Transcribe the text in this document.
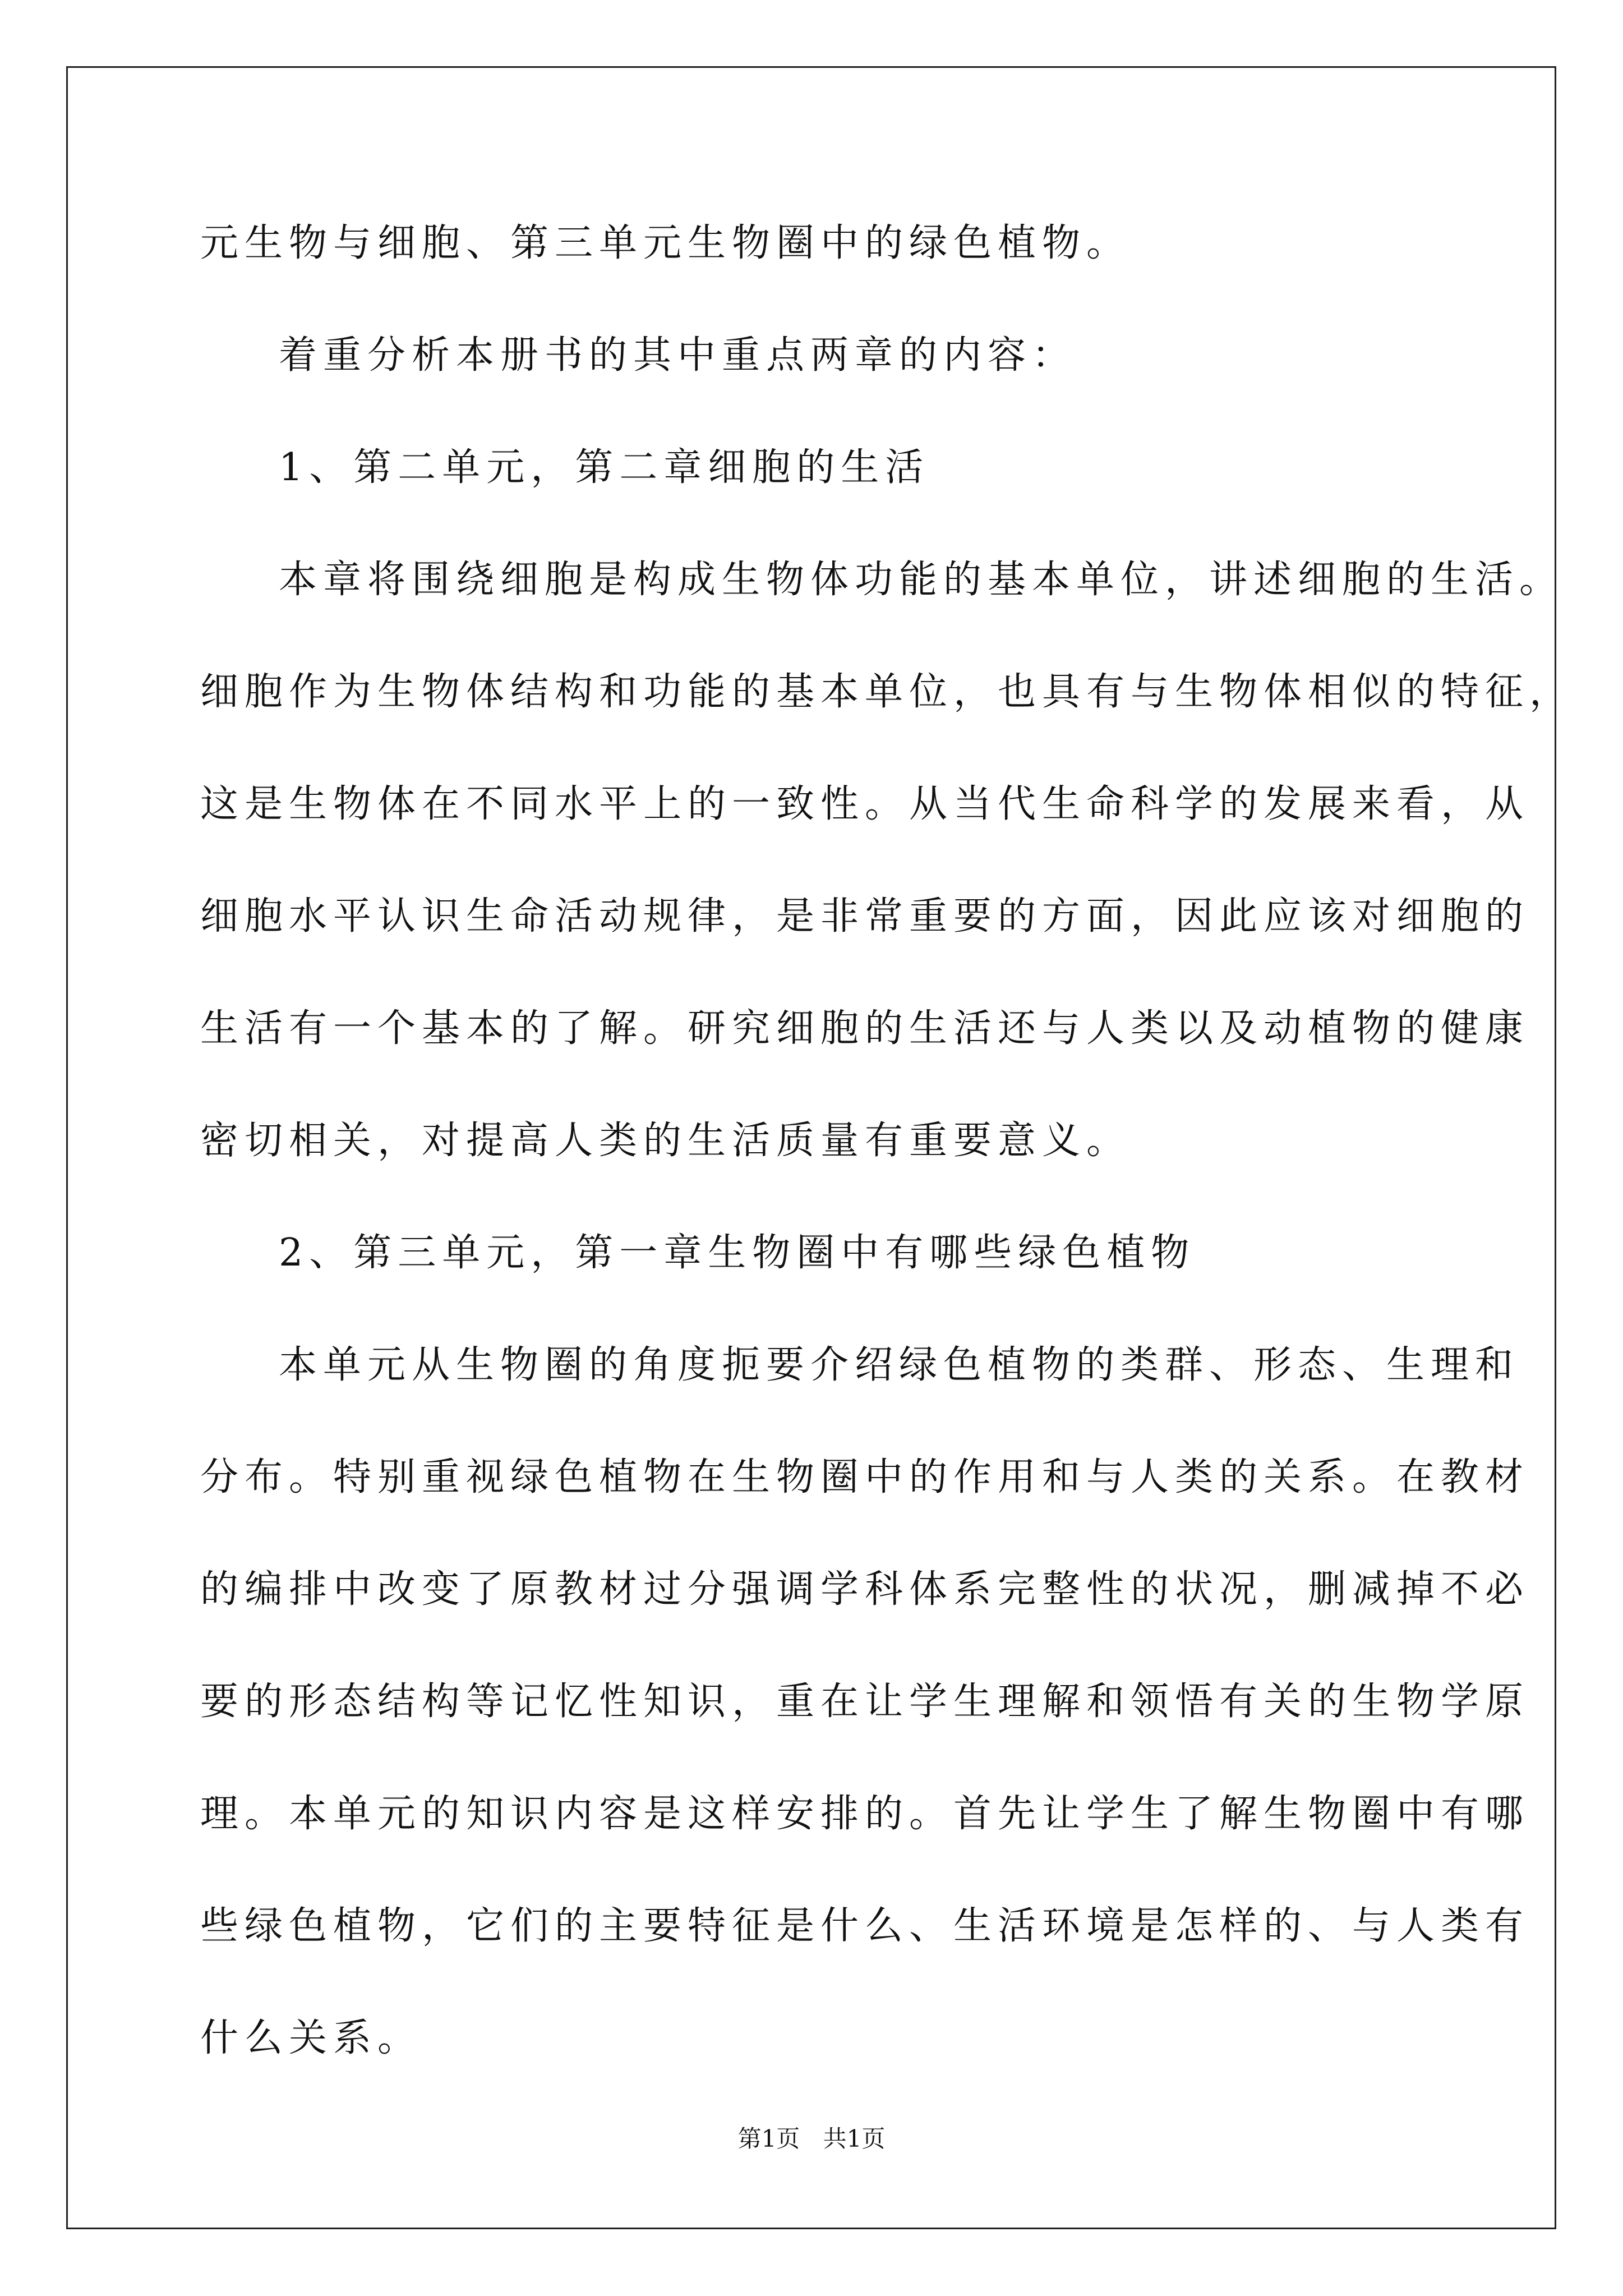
元生物与细胞、第三单元生物圈中的绿色植物。
着重分析本册书的其中重点两章的内容：
1、第二单元，第二章细胞的生活
本章将围绕细胞是构成生物体功能的基本单位，讲述细胞的生活。
细胞作为生物体结构和功能的基本单位，也具有与生物体相似的特征，
这是生物体在不同水平上的一致性。从当代生命科学的发展来看，从
细胞水平认识生命活动规律，是非常重要的方面，因此应该对细胞的
生活有一个基本的了解。研究细胞的生活还与人类以及动植物的健康
密切相关，对提高人类的生活质量有重要意义。
2、第三单元，第一章生物圈中有哪些绿色植物
本单元从生物圈的角度扼要介绍绿色植物的类群、形态、生理和
分布。特别重视绿色植物在生物圈中的作用和与人类的关系。在教材
的编排中改变了原教材过分强调学科体系完整性的状况，删减掉不必
要的形态结构等记忆性知识，重在让学生理解和领悟有关的生物学原
理。本单元的知识内容是这样安排的。首先让学生了解生物圈中有哪
些绿色植物，它们的主要特征是什么、生活环境是怎样的、与人类有
什么关系。
第1页 共1页
